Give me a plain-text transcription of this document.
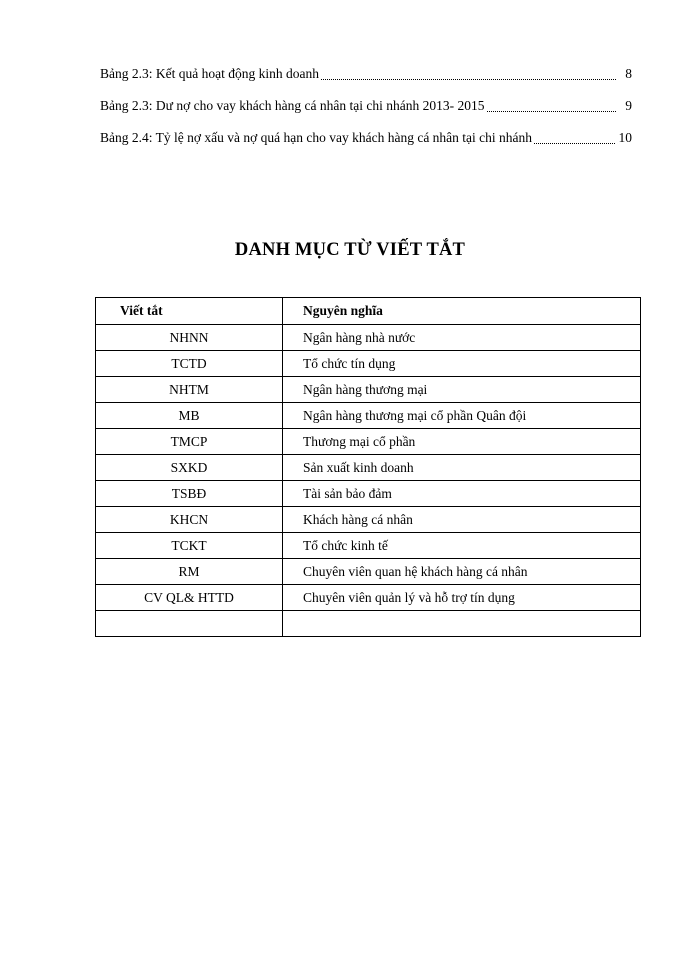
Bảng 2.3: Kết quả hoạt động kinh doanh	8
Bảng 2.3: Dư nợ cho vay khách hàng cá nhân tại chi nhánh 2013- 2015	9
Bảng 2.4: Tỷ lệ nợ xấu và nợ quá hạn cho vay khách hàng cá nhân tại chi nhánh	10
DANH MỤC TỪ VIẾT TẮT
Viết tắt	Nguyên nghĩa
NHNN	Ngân hàng nhà nước
TCTD	Tổ chức tín dụng
NHTM	Ngân hàng thương mại
MB	Ngân hàng thương mại cổ phần Quân đội
TMCP	Thương mại cổ phần
SXKD	Sản xuất kinh doanh
TSBĐ	Tài sản bảo đảm
KHCN	Khách hàng cá nhân
TCKT	Tổ chức kinh tế
RM	Chuyên viên quan hệ khách hàng cá nhân
CV QL& HTTD	Chuyên viên quản lý và hỗ trợ tín dụng
